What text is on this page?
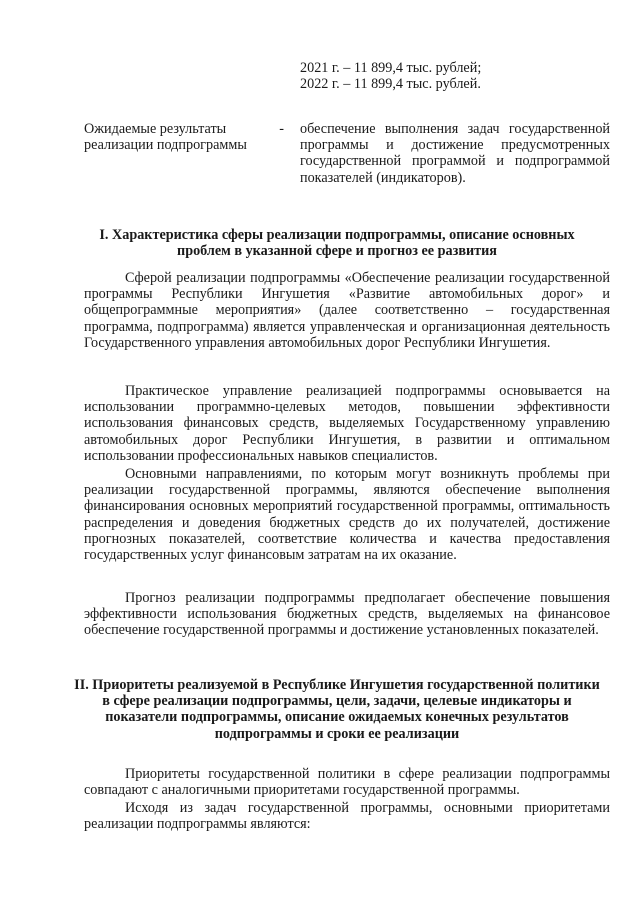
2021 г. – 11 899,4 тыс. рублей;
2022 г. – 11 899,4 тыс. рублей.
Ожидаемые результаты реализации подпрограммы
- обеспечение выполнения задач государственной программы и достижение предусмотренных государственной программой и подпрограммой показателей (индикаторов).
I. Характеристика сферы реализации подпрограммы, описание основных проблем в указанной сфере и прогноз ее развития
Сферой реализации подпрограммы «Обеспечение реализации государственной программы Республики Ингушетия «Развитие автомобильных дорог» и общепрограммные мероприятия» (далее соответственно – государственная программа, подпрограмма) является управленческая и организационная деятельность Государственного управления автомобильных дорог Республики Ингушетия.
Практическое управление реализацией подпрограммы основывается на использовании программно-целевых методов, повышении эффективности использования финансовых средств, выделяемых Государственному управлению автомобильных дорог Республики Ингушетия, в развитии и оптимальном использовании профессиональных навыков специалистов.
Основными направлениями, по которым могут возникнуть проблемы при реализации государственной программы, являются обеспечение выполнения финансирования основных мероприятий государственной программы, оптимальность распределения и доведения бюджетных средств до их получателей, достижение прогнозных показателей, соответствие количества и качества предоставления государственных услуг финансовым затратам на их оказание.
Прогноз реализации подпрограммы предполагает обеспечение повышения эффективности использования бюджетных средств, выделяемых на финансовое обеспечение государственной программы и достижение установленных показателей.
II. Приоритеты реализуемой в Республике Ингушетия государственной политики в сфере реализации подпрограммы, цели, задачи, целевые индикаторы и показатели подпрограммы, описание ожидаемых конечных результатов подпрограммы и сроки ее реализации
Приоритеты государственной политики в сфере реализации подпрограммы совпадают с аналогичными приоритетами государственной программы.
Исходя из задач государственной программы, основными приоритетами реализации подпрограммы являются:
